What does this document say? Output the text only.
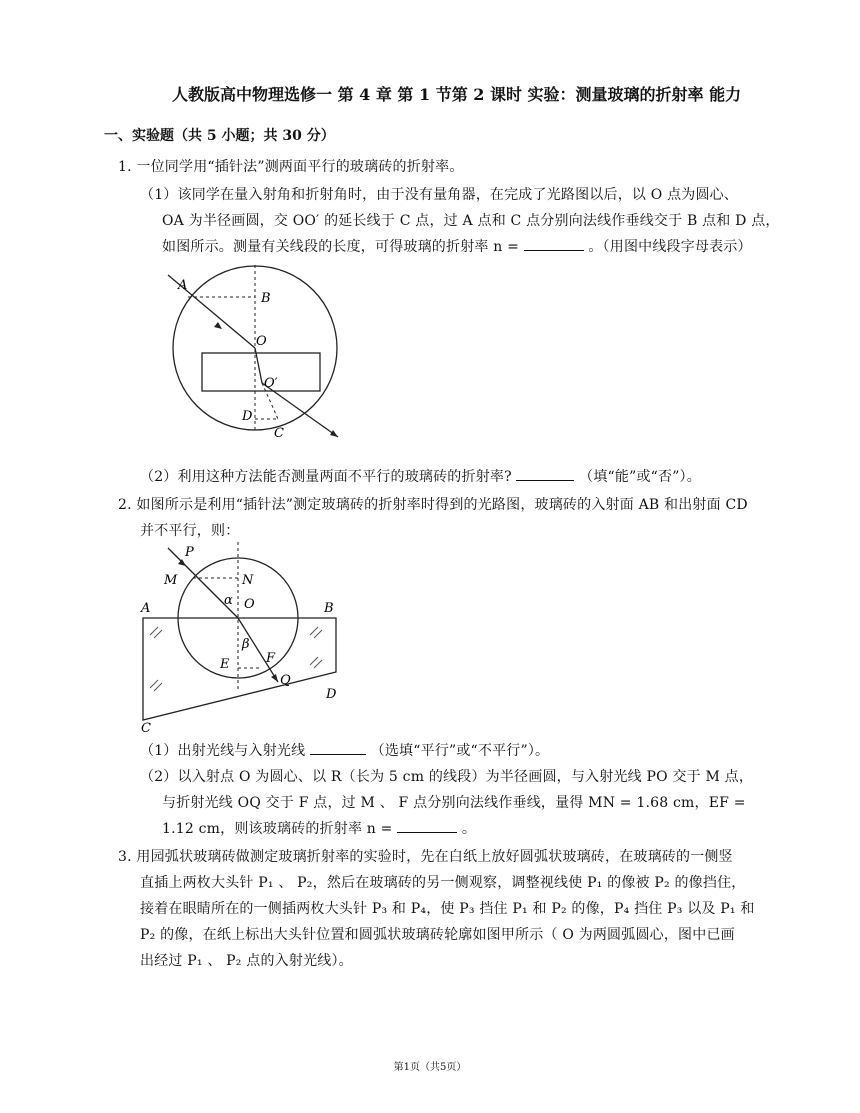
人教版高中物理选修一 第 4 章 第 1 节第 2 课时 实验：测量玻璃的折射率 能力
一、实验题（共 5 小题；共 30 分）
1. 一位同学用“插针法”测两面平行的玻璃砖的折射率。
（1）该同学在量入射角和折射角时，由于没有量角器，在完成了光路图以后，以 O 点为圆心、
OA 为半径画圆，交 OO′ 的延长线于 C 点，过 A 点和 C 点分别向法线作垂线交于 B 点和 D 点，
如图所示。测量有关线段的长度，可得玻璃的折射率 n =	。（用图中线段字母表示）
A
B
O
O′
D
C
（2）利用这种方法能否测量两面不平行的玻璃砖的折射率?	（填“能”或“否”）。
2. 如图所示是利用“插针法”测定玻璃砖的折射率时得到的光路图，玻璃砖的入射面 AB 和出射面 CD
并不平行，则：
P
M	N
α O
A	B
β
E	F
Q
D
C
（1）出射光线与入射光线	（选填“平行”或“不平行”）。
（2）以入射点 O 为圆心、以 R（长为 5 cm 的线段）为半径画圆，与入射光线 PO 交于 M 点，
与折射光线 OQ 交于 F 点，过 M 、 F 点分别向法线作垂线，量得 MN = 1.68 cm，EF =
1.12 cm，则该玻璃砖的折射率 n =	。
3. 用园弧状玻璃砖做测定玻璃折射率的实验时，先在白纸上放好圆弧状玻璃砖，在玻璃砖的一侧竖
直插上两枚大头针 P₁ 、 P₂，然后在玻璃砖的另一侧观察，调整视线使 P₁ 的像被 P₂ 的像挡住，
接着在眼睛所在的一侧插两枚大头针 P₃ 和 P₄，使 P₃ 挡住 P₁ 和 P₂ 的像，P₄ 挡住 P₃ 以及 P₁ 和
P₂ 的像，在纸上标出大头针位置和圆弧状玻璃砖轮廓如图甲所示（ O 为两圆弧圆心，图中已画
出经过 P₁ 、 P₂ 点的入射光线）。
第1页（共5页）
